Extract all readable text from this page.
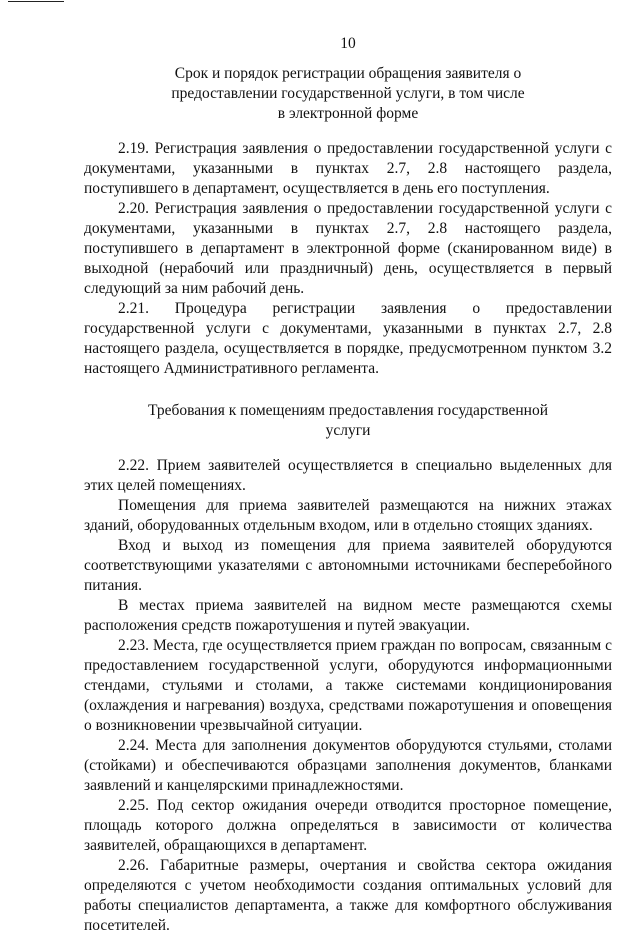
10
Срок и порядок регистрации обращения заявителя о
предоставлении государственной услуги, в том числе
в электронной форме

2.19. Регистрация заявления о предоставлении государственной услуги с документами, указанными в пунктах 2.7, 2.8 настоящего раздела, поступившего в департамент, осуществляется в день его поступления.

2.20. Регистрация заявления о предоставлении государственной услуги с документами, указанными в пунктах 2.7, 2.8 настоящего раздела, поступившего в департамент в электронной форме (сканированном виде) в выходной (нерабочий или праздничный) день, осуществляется в первый следующий за ним рабочий день.

2.21. Процедура регистрации заявления о предоставлении государственной услуги с документами, указанными в пунктах 2.7, 2.8 настоящего раздела, осуществляется в порядке, предусмотренном пунктом 3.2 настоящего Административного регламента.

Требования к помещениям предоставления государственной
услуги

2.22. Прием заявителей осуществляется в специально выделенных для этих целей помещениях.

Помещения для приема заявителей размещаются на нижних этажах зданий, оборудованных отдельным входом, или в отдельно стоящих зданиях.

Вход и выход из помещения для приема заявителей оборудуются соответствующими указателями с автономными источниками бесперебойного питания.

В местах приема заявителей на видном месте размещаются схемы расположения средств пожаротушения и путей эвакуации.

2.23. Места, где осуществляется прием граждан по вопросам, связанным с предоставлением государственной услуги, оборудуются информационными стендами, стульями и столами, а также системами кондиционирования (охлаждения и нагревания) воздуха, средствами пожаротушения и оповещения о возникновении чрезвычайной ситуации.

2.24. Места для заполнения документов оборудуются стульями, столами (стойками) и обеспечиваются образцами заполнения документов, бланками заявлений и канцелярскими принадлежностями.

2.25. Под сектор ожидания очереди отводится просторное помещение, площадь которого должна определяться в зависимости от количества заявителей, обращающихся в департамент.

2.26. Габаритные размеры, очертания и свойства сектора ожидания определяются с учетом необходимости создания оптимальных условий для работы специалистов департамента, а также для комфортного обслуживания посетителей.
